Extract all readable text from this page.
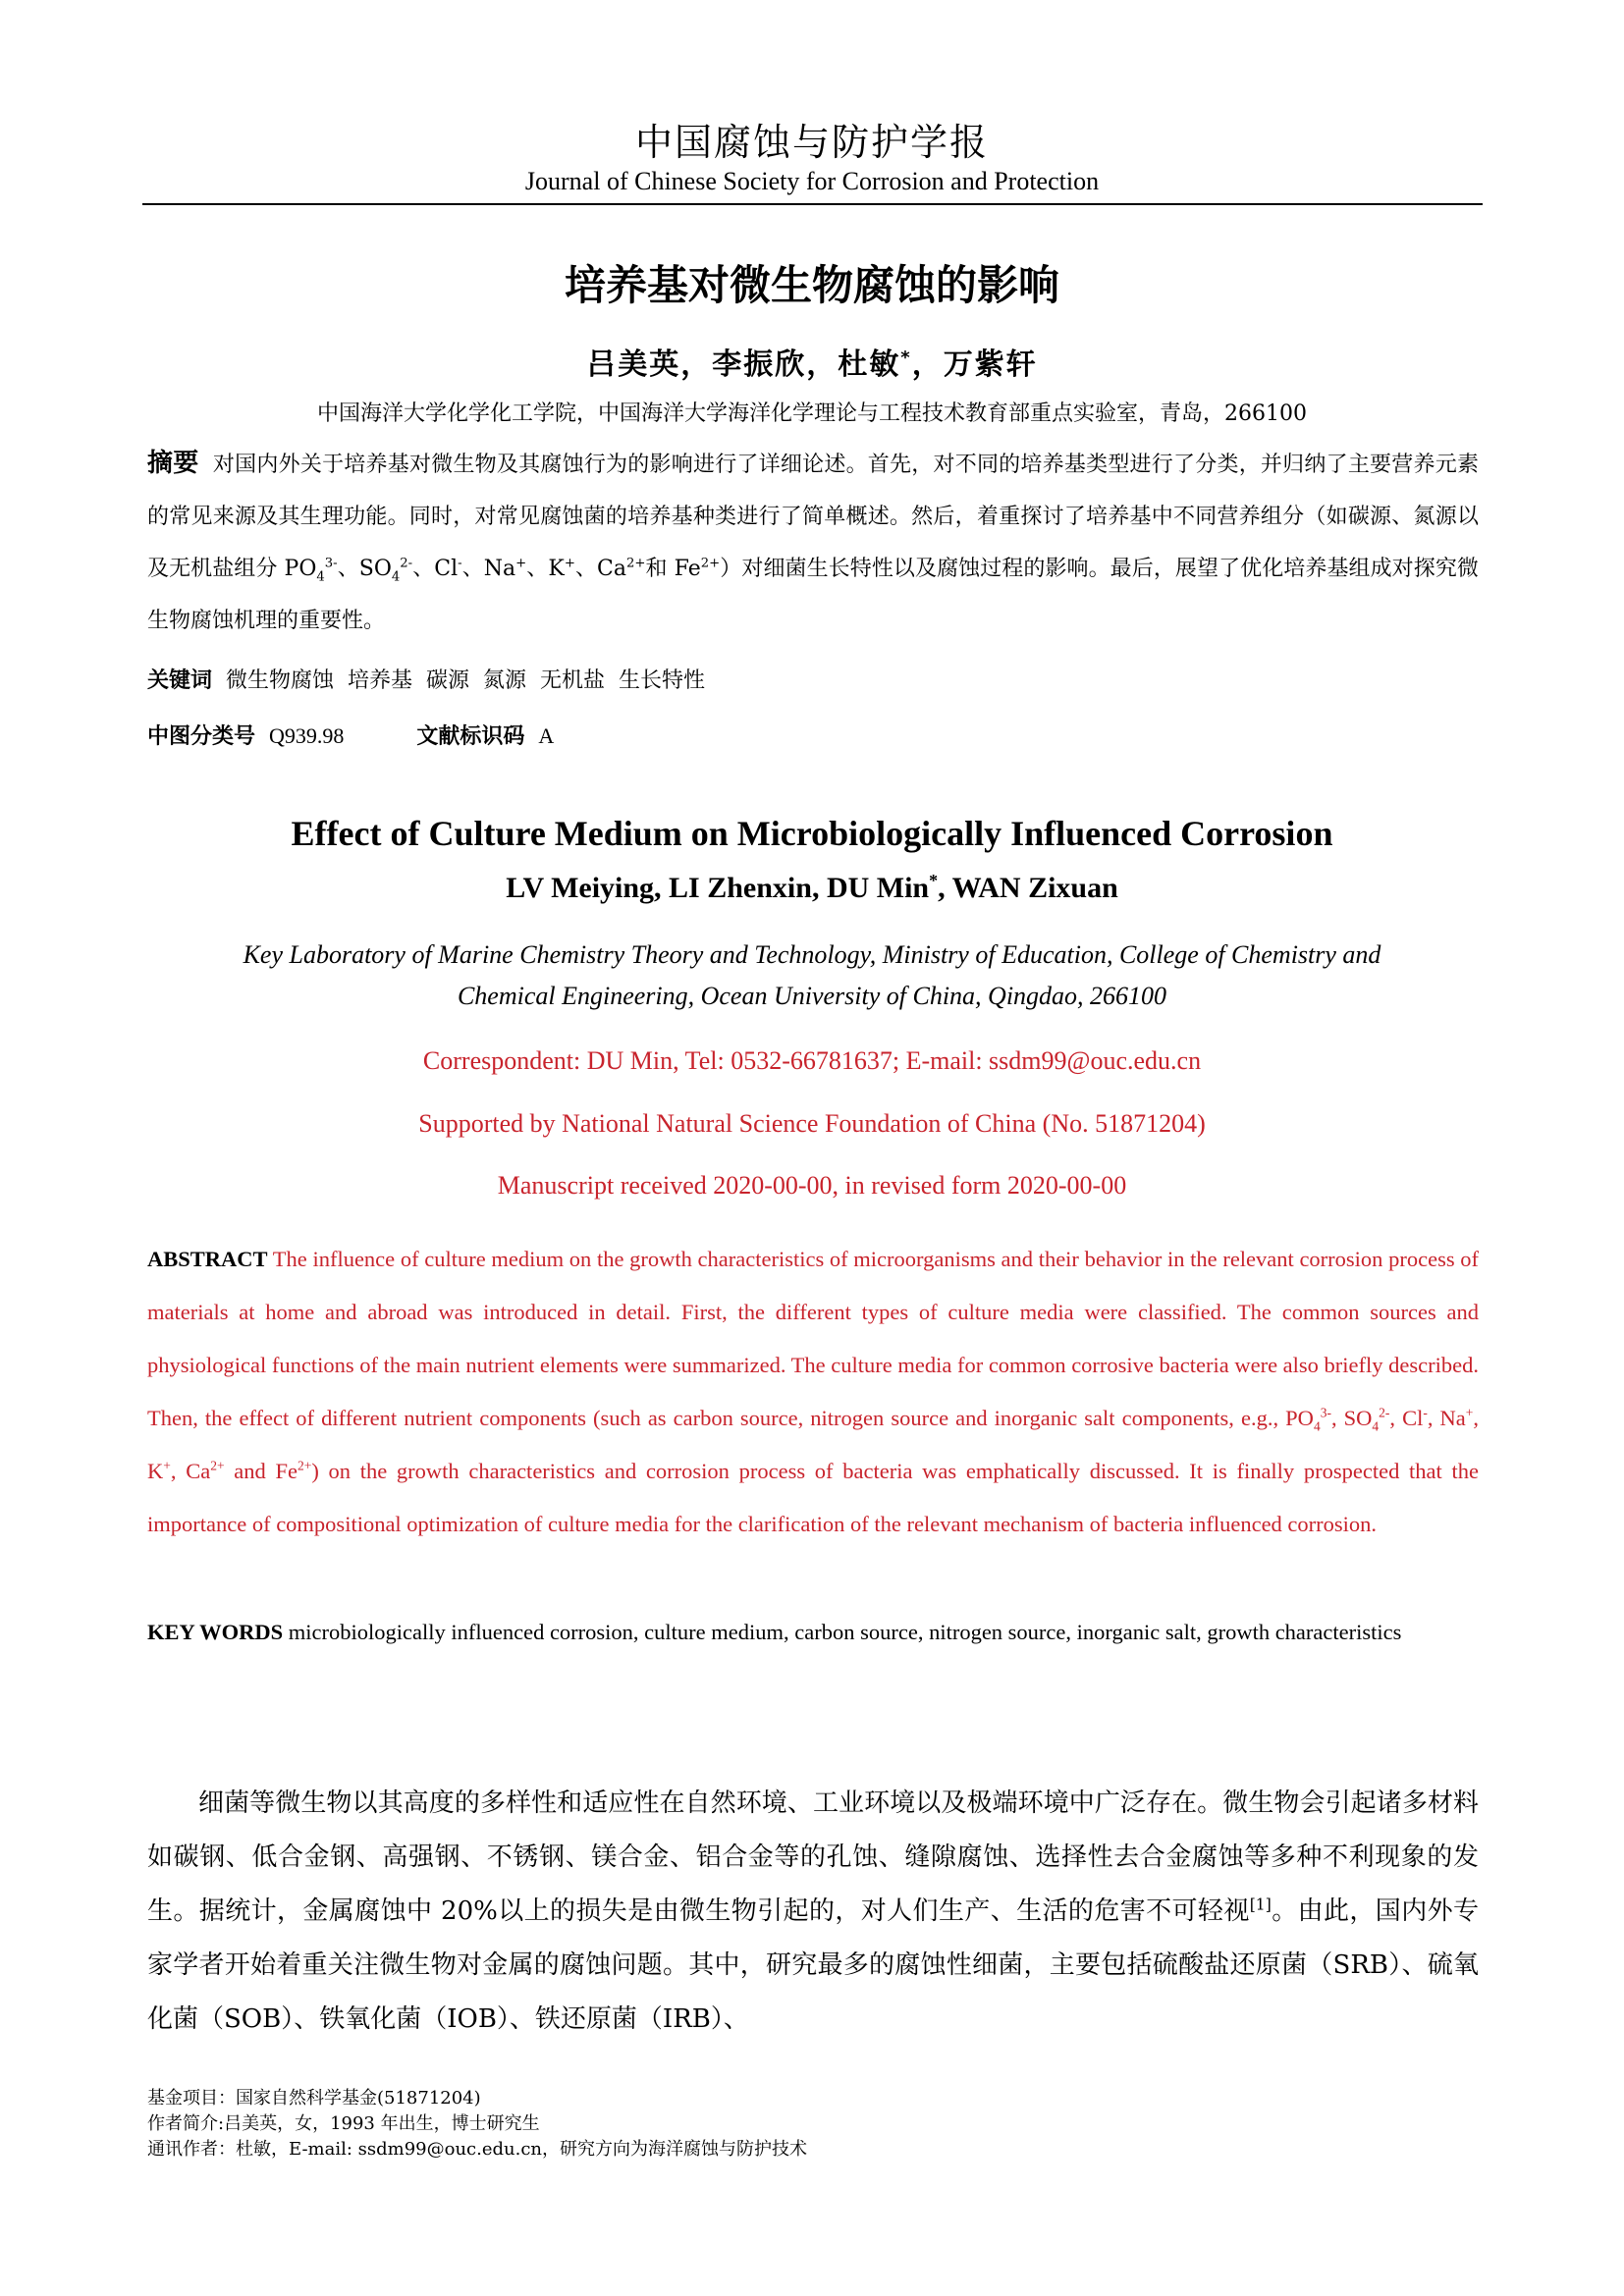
中国腐蚀与防护学报
Journal of Chinese Society for Corrosion and Protection
培养基对微生物腐蚀的影响
吕美英，李振欣，杜敏*，万紫轩
中国海洋大学化学化工学院，中国海洋大学海洋化学理论与工程技术教育部重点实验室，青岛，266100
摘要 对国内外关于培养基对微生物及其腐蚀行为的影响进行了详细论述。首先，对不同的培养基类型进行了分类，并归纳了主要营养元素的常见来源及其生理功能。同时，对常见腐蚀菌的培养基种类进行了简单概述。然后，着重探讨了培养基中不同营养组分（如碳源、氮源以及无机盐组分 $PO_4^{3-}$、$SO_4^{2-}$、Cl-、Na+、K+、$Ca^{2+}$和 $Fe^{2+}$）对细菌生长特性以及腐蚀过程的影响。最后，展望了优化培养基组成对探究微生物腐蚀机理的重要性。
关键词 微生物腐蚀  培养基  碳源  氮源  无机盐  生长特性
中图分类号 Q939.98	文献标识码 A
Effect of Culture Medium on Microbiologically Influenced Corrosion
LV Meiying, LI Zhenxin, DU Min*, WAN Zixuan
Key Laboratory of Marine Chemistry Theory and Technology, Ministry of Education, College of Chemistry and
Chemical Engineering, Ocean University of China, Qingdao, 266100
Correspondent: DU Min, Tel: 0532-66781637; E-mail: ssdm99@ouc.edu.cn
Supported by National Natural Science Foundation of China (No. 51871204)
Manuscript received 2020-00-00, in revised form 2020-00-00
ABSTRACT The influence of culture medium on the growth characteristics of microorganisms and their behavior in the relevant corrosion process of materials at home and abroad was introduced in detail. First, the different types of culture media were classified. The common sources and physiological functions of the main nutrient elements were summarized. The culture media for common corrosive bacteria were also briefly described. Then, the effect of different nutrient components (such as carbon source, nitrogen source and inorganic salt components, e.g., $PO_4^{3-}$, $SO_4^{2-}$, Cl-, Na+, K+, $Ca^{2+}$ and $Fe^{2+}$) on the growth characteristics and corrosion process of bacteria was emphatically discussed. It is finally prospected that the importance of compositional optimization of culture media for the clarification of the relevant mechanism of bacteria influenced corrosion.
KEY WORDS microbiologically influenced corrosion, culture medium, carbon source, nitrogen source, inorganic salt, growth characteristics
细菌等微生物以其高度的多样性和适应性在自然环境、工业环境以及极端环境中广泛存在。微生物会引起诸多材料如碳钢、低合金钢、高强钢、不锈钢、镁合金、铝合金等的孔蚀、缝隙腐蚀、选择性去合金腐蚀等多种不利现象的发生。据统计，金属腐蚀中 20%以上的损失是由微生物引起的，对人们生产、生活的危害不可轻视[1]。由此，国内外专家学者开始着重关注微生物对金属的腐蚀问题。其中，研究最多的腐蚀性细菌，主要包括硫酸盐还原菌（SRB）、硫氧化菌（SOB）、铁氧化菌（IOB）、铁还原菌（IRB）、
基金项目：国家自然科学基金(51871204)
作者简介:吕美英，女，1993 年出生，博士研究生
通讯作者：杜敏，E-mail: ssdm99@ouc.edu.cn，研究方向为海洋腐蚀与防护技术
